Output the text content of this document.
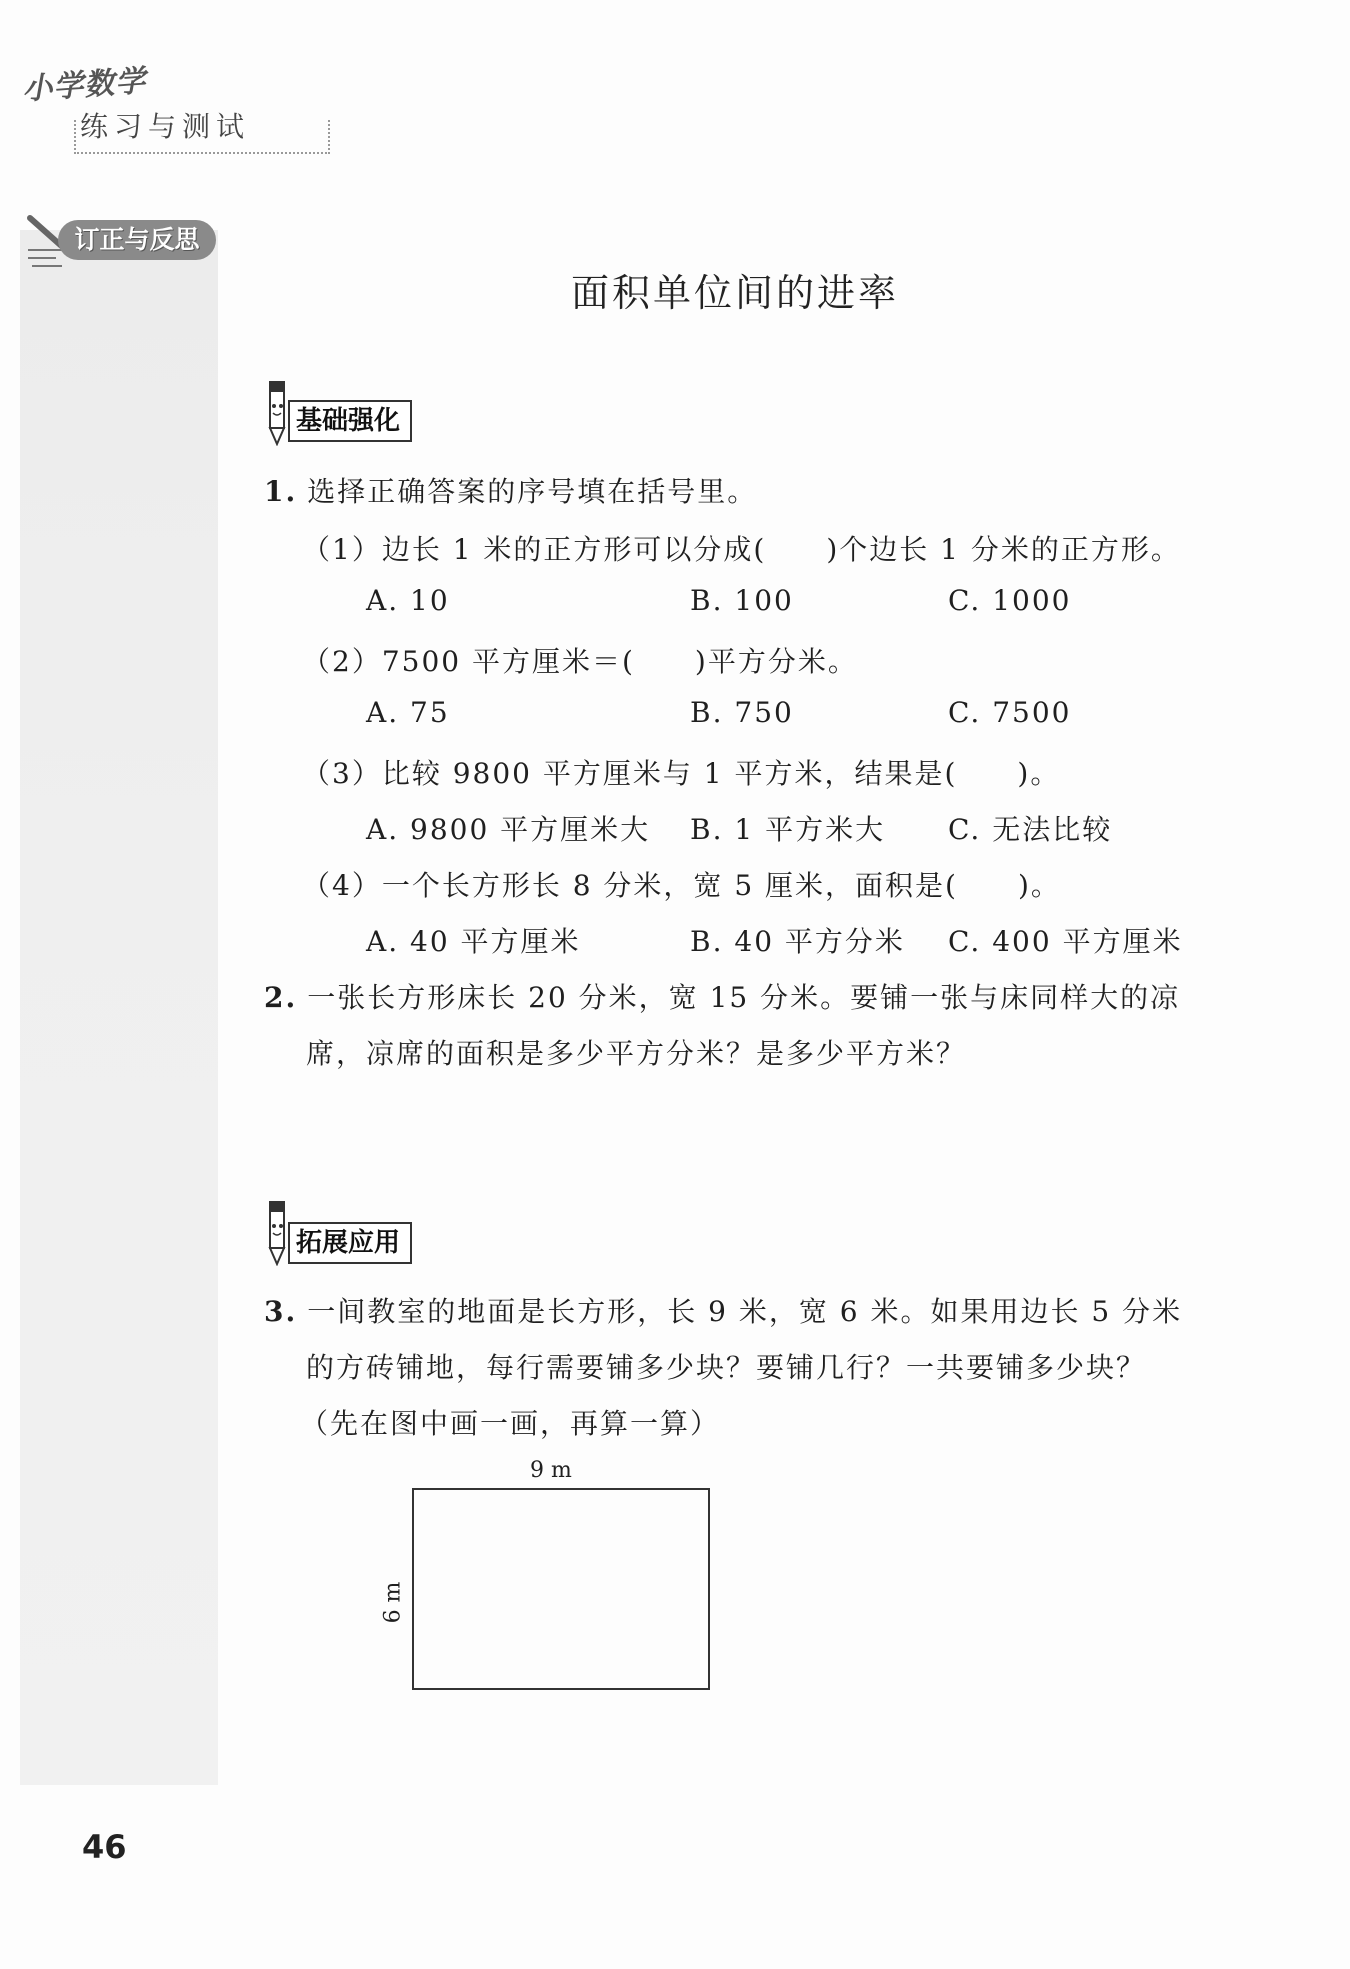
小学数学
练习与测试
订正与反思
面积单位间的进率
基础强化
1. 选择正确答案的序号填在括号里。
（1）边长 1 米的正方形可以分成(　　)个边长 1 分米的正方形。
A. 10	B. 100	C. 1000
（2）7500 平方厘米＝(　　)平方分米。
A. 75	B. 750	C. 7500
（3）比较 9800 平方厘米与 1 平方米，结果是(　　)。
A. 9800 平方厘米大 B. 1 平方米大 C. 无法比较
（4）一个长方形长 8 分米，宽 5 厘米，面积是(　　)。
A. 40 平方厘米	B. 40 平方分米 C. 400 平方厘米
2. 一张长方形床长 20 分米，宽 15 分米。要铺一张与床同样大的凉
席，凉席的面积是多少平方分米？是多少平方米？
拓展应用
3. 一间教室的地面是长方形，长 9 米，宽 6 米。如果用边长 5 分米
的方砖铺地，每行需要铺多少块？要铺几行？一共要铺多少块？
（先在图中画一画，再算一算）
9 m
6 m
46
